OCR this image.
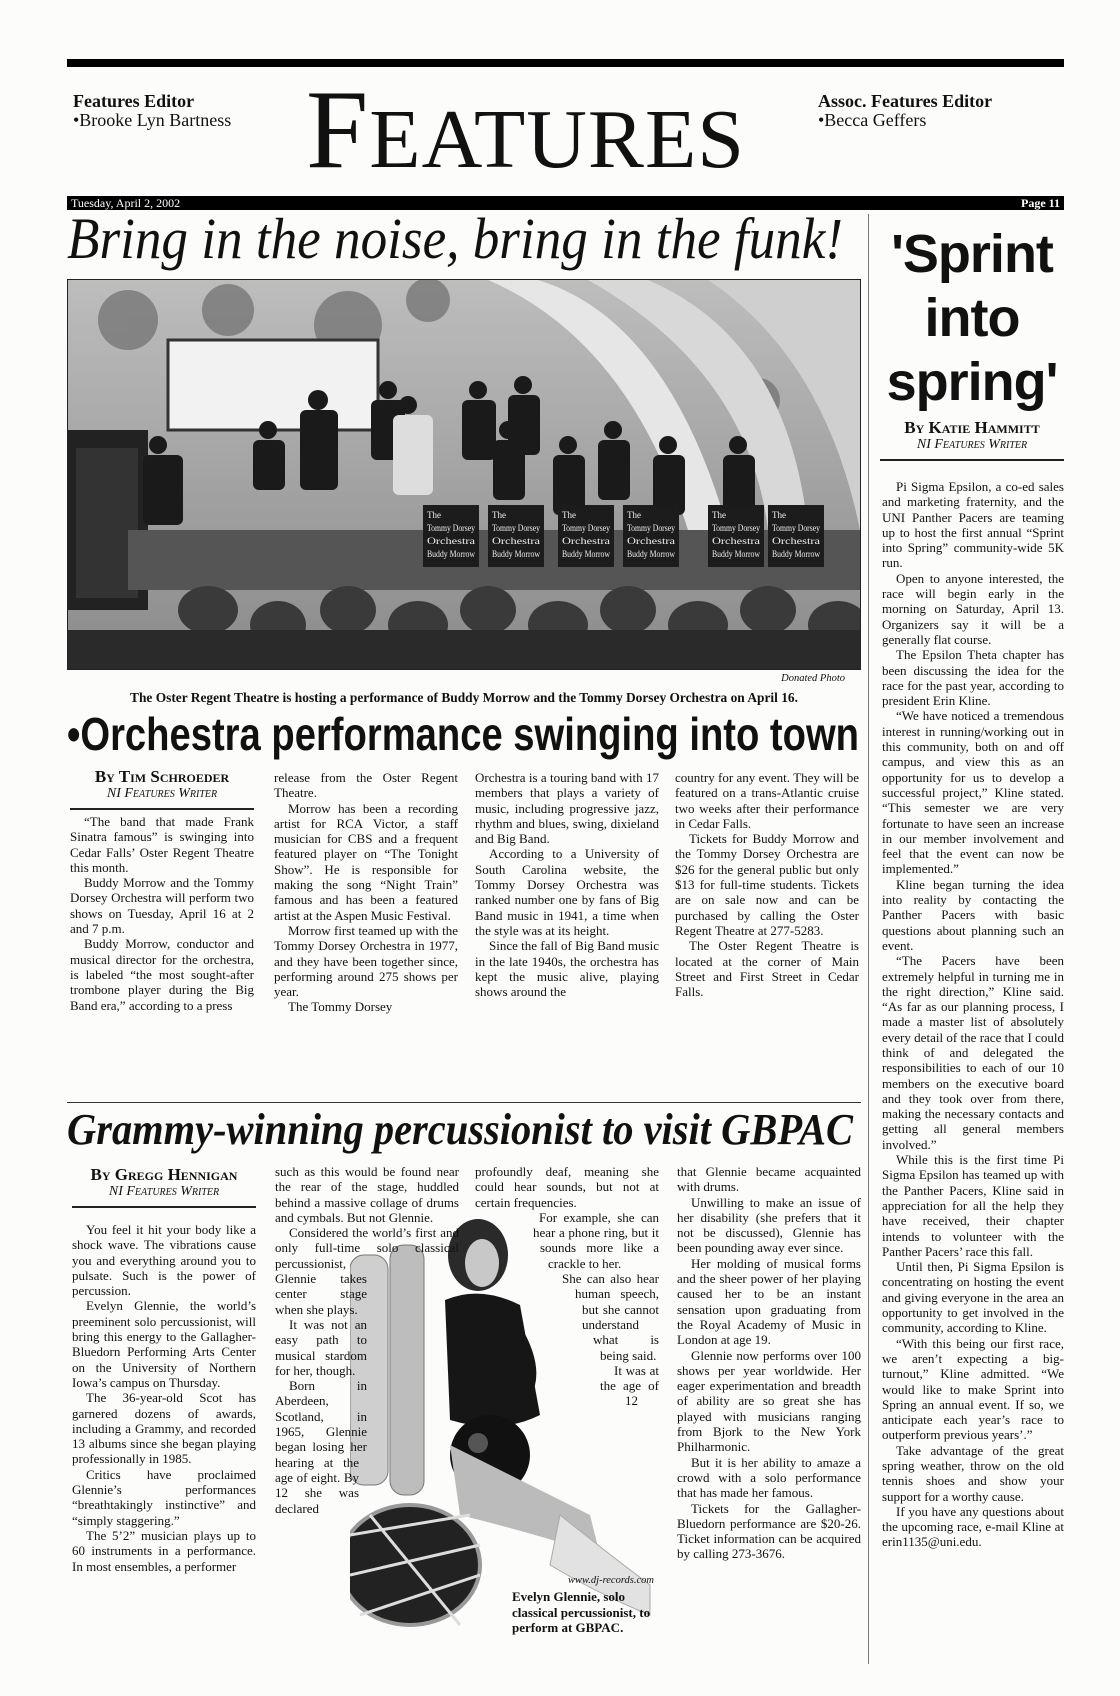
Features Editor
•Brooke Lyn Bartness FEATURES	Assoc. Features Editor
•Becca Geffers
Tuesday, April 2, 2002	Page 11
Bring in the noise, bring in the funk!
The
Tommy Dorsey
Orchestra
Buddy Morrow
The
Tommy Dorsey
Orchestra
Buddy Morrow
The
Tommy Dorsey
Orchestra
Buddy Morrow
The
Tommy Dorsey
Orchestra
Buddy Morrow
The
Tommy Dorsey
Orchestra
Buddy Morrow
The
Tommy Dorsey
Orchestra
Buddy Morrow
Donated Photo
The Oster Regent Theatre is hosting a performance of Buddy Morrow and the Tommy Dorsey Orchestra on April 16.
•Orchestra performance swinging into town
By Tim Schroeder
NI Features Writer

“The band that made Frank Sinatra famous” is swinging into Cedar Falls’ Oster Regent Theatre this month.

Buddy Morrow and the Tommy Dorsey Orchestra will perform two shows on Tuesday, April 16 at 2 and 7 p.m.

Buddy Morrow, conductor and musical director for the orchestra, is labeled “the most sought-after trombone player during the Big Band era,” according to a press

release from the Oster Regent Theatre.

Morrow has been a recording artist for RCA Victor, a staff musician for CBS and a frequent featured player on “The Tonight Show”. He is responsible for making the song “Night Train” famous and has been a featured artist at the Aspen Music Festival.

Morrow first teamed up with the Tommy Dorsey Orchestra in 1977, and they have been together since, performing around 275 shows per year.

The Tommy Dorsey

Orchestra is a touring band with 17 members that plays a variety of music, including progressive jazz, rhythm and blues, swing, dixieland and Big Band.

According to a University of South Carolina website, the Tommy Dorsey Orchestra was ranked number one by fans of Big Band music in 1941, a time when the style was at its height.

Since the fall of Big Band music in the late 1940s, the orchestra has kept the music alive, playing shows around the

country for any event. They will be featured on a trans-Atlantic cruise two weeks after their performance in Cedar Falls.

Tickets for Buddy Morrow and the Tommy Dorsey Orchestra are $26 for the general public but only $13 for full-time students. Tickets are on sale now and can be purchased by calling the Oster Regent Theatre at 277-5283.

The Oster Regent Theatre is located at the corner of Main Street and First Street in Cedar Falls.

Grammy-winning percussionist to visit GBPAC
www.dj-records.com
Evelyn Glennie, solo classical percussionist, to perform at GBPAC.
By Gregg Hennigan
NI Features Writer

You feel it hit your body like a shock wave. The vibrations cause you and everything around you to pulsate. Such is the power of percussion.

Evelyn Glennie, the world’s preeminent solo percussionist, will bring this energy to the Gallagher-Bluedorn Performing Arts Center on the University of Northern Iowa’s campus on Thursday.

The 36-year-old Scot has garnered dozens of awards, including a Grammy, and recorded 13 albums since she began playing professionally in 1985.

Critics have proclaimed Glennie’s performances “breathtakingly instinctive” and “simply staggering.”

The 5’2” musician plays up to 60 instruments in a performance. In most ensembles, a performer

such as this would be found near the rear of the stage, huddled behind a massive collage of drums and cymbals. But not Glennie.

Considered the world’s first and only full-time solo classical percussionist, Glennie takes center stage when she plays.

It was not an easy path to musical stardom for her, though.

Born in Aberdeen, Scotland, in 1965, Glennie began losing her hearing at the age of eight. By 12 she was declared

profoundly deaf, meaning she could hear sounds, but not at certain frequencies.

For example, she can hear a phone ring, but it sounds more like a crackle to her.

She can also hear human speech, but she cannot understand what is being said.

It was at the age of 12

that Glennie became acquainted with drums.

Unwilling to make an issue of her disability (she prefers that it not be discussed), Glennie has been pounding away ever since.

Her molding of musical forms and the sheer power of her playing caused her to be an instant sensation upon graduating from the Royal Academy of Music in London at age 19.

Glennie now performs over 100 shows per year worldwide. Her eager experimentation and breadth of ability are so great she has played with musicians ranging from Bjork to the New York Philharmonic.

But it is her ability to amaze a crowd with a solo performance that has made her famous.

Tickets for the Gallagher-Bluedorn performance are $20-26. Ticket information can be acquired by calling 273-3676.

'Sprint
into
spring'
By Katie Hammitt
NI Features Writer

Pi Sigma Epsilon, a co-ed sales and marketing fraternity, and the UNI Panther Pacers are teaming up to host the first annual “Sprint into Spring” community-wide 5K run.

Open to anyone interested, the race will begin early in the morning on Saturday, April 13. Organizers say it will be a generally flat course.

The Epsilon Theta chapter has been discussing the idea for the race for the past year, according to president Erin Kline.

“We have noticed a tremendous interest in running/working out in this community, both on and off campus, and view this as an opportunity for us to develop a successful project,” Kline stated. “This semester we are very fortunate to have seen an increase in our member involvement and feel that the event can now be implemented.”

Kline began turning the idea into reality by contacting the Panther Pacers with basic questions about planning such an event.

“The Pacers have been extremely helpful in turning me in the right direction,” Kline said. “As far as our planning process, I made a master list of absolutely every detail of the race that I could think of and delegated the responsibilities to each of our 10 members on the executive board and they took over from there, making the necessary contacts and getting all general members involved.”

While this is the first time Pi Sigma Epsilon has teamed up with the Panther Pacers, Kline said in appreciation for all the help they have received, their chapter intends to volunteer with the Panther Pacers’ race this fall.

Until then, Pi Sigma Epsilon is concentrating on hosting the event and giving everyone in the area an opportunity to get involved in the community, according to Kline.

“With this being our first race, we aren’t expecting a big-turnout,” Kline admitted. “We would like to make Sprint into Spring an annual event. If so, we anticipate each year’s race to outperform previous years’.”

Take advantage of the great spring weather, throw on the old tennis shoes and show your support for a worthy cause.

If you have any questions about the upcoming race, e-mail Kline at erin1135@uni.edu.
